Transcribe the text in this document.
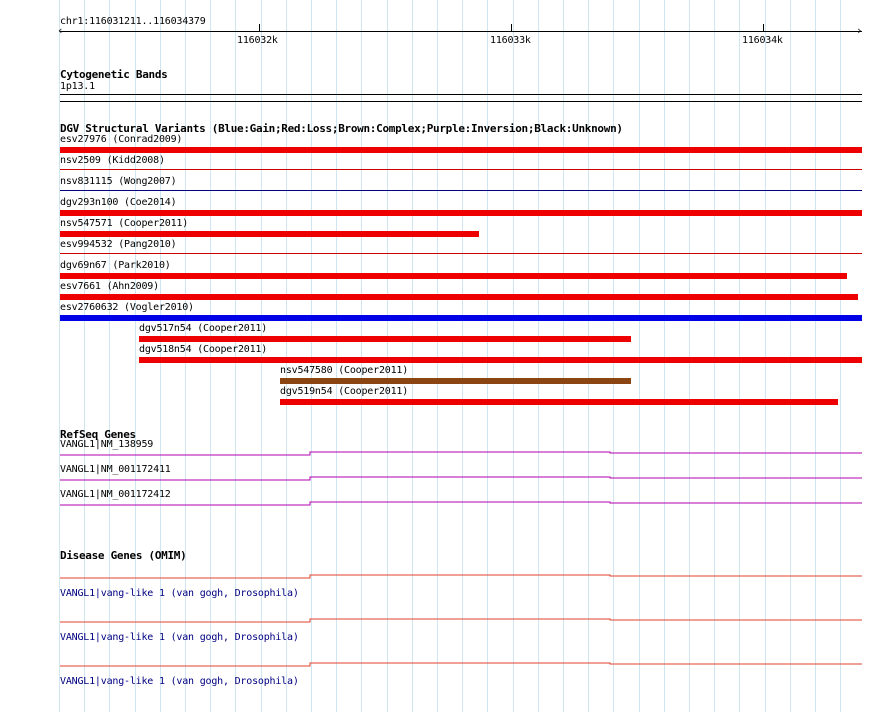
chr1:116031211..116034379
‹	›
116032k	116033k	116034k
Cytogenetic Bands
1p13.1
DGV Structural Variants (Blue:Gain;Red:Loss;Brown:Complex;Purple:Inversion;Black:Unknown)
esv27976 (Conrad2009)
nsv2509 (Kidd2008)
nsv831115 (Wong2007)
dgv293n100 (Coe2014)
nsv547571 (Cooper2011)
esv994532 (Pang2010)
dgv69n67 (Park2010)
esv7661 (Ahn2009)
esv2760632 (Vogler2010)
dgv517n54 (Cooper2011)
dgv518n54 (Cooper2011)
nsv547580 (Cooper2011)
dgv519n54 (Cooper2011)
RefSeq Genes
VANGL1|NM_138959
VANGL1|NM_001172411
VANGL1|NM_001172412
Disease Genes (OMIM)
VANGL1|vang-like 1 (van gogh, Drosophila)
VANGL1|vang-like 1 (van gogh, Drosophila)
VANGL1|vang-like 1 (van gogh, Drosophila)
